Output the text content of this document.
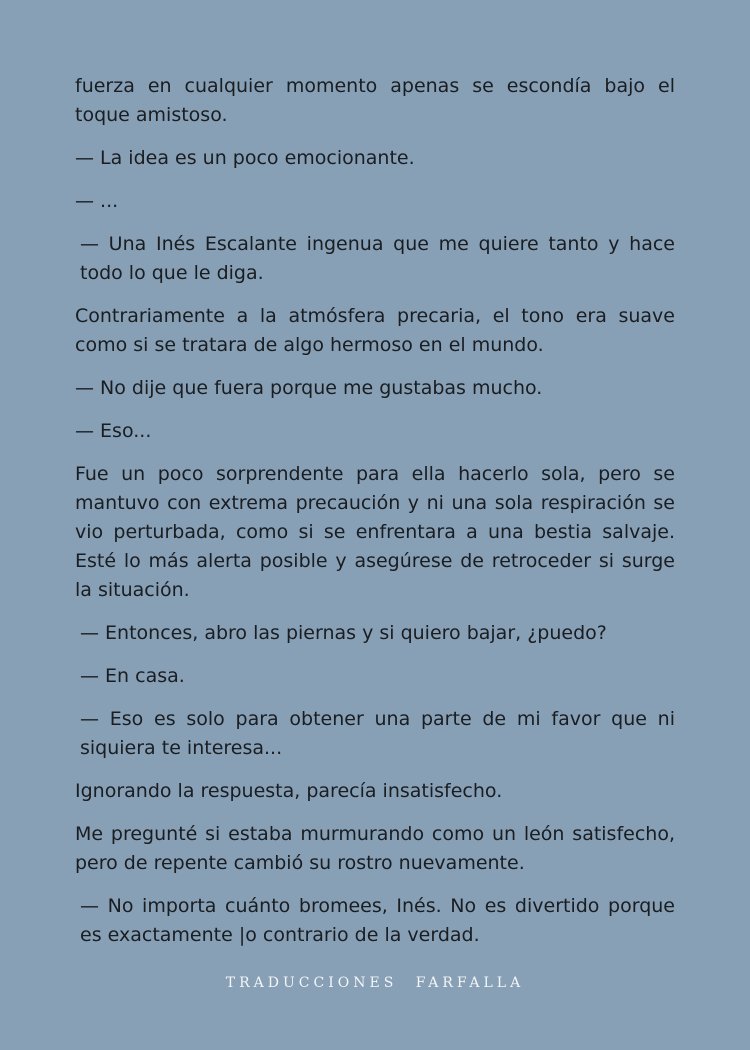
fuerza en cualquier momento apenas se escondía bajo el toque amistoso.

— La idea es un poco emocionante.

— ...

— Una Inés Escalante ingenua que me quiere tanto y hace todo lo que le diga.

Contrariamente a la atmósfera precaria, el tono era suave como si se tratara de algo hermoso en el mundo.

— No dije que fuera porque me gustabas mucho.

— Eso...

Fue un poco sorprendente para ella hacerlo sola, pero se mantuvo con extrema precaución y ni una sola respiración se vio perturbada, como si se enfrentara a una bestia salvaje. Esté lo más alerta posible y asegúrese de retroceder si surge la situación.

— Entonces, abro las piernas y si quiero bajar, ¿puedo?

— En casa.

— Eso es solo para obtener una parte de mi favor que ni siquiera te interesa...

Ignorando la respuesta, parecía insatisfecho.

Me pregunté si estaba murmurando como un león satisfecho, pero de repente cambió su rostro nuevamente.

— No importa cuánto bromees, Inés. No es divertido porque es exactamente |o contrario de la verdad.

TRADUCCIONES FARFALLA
